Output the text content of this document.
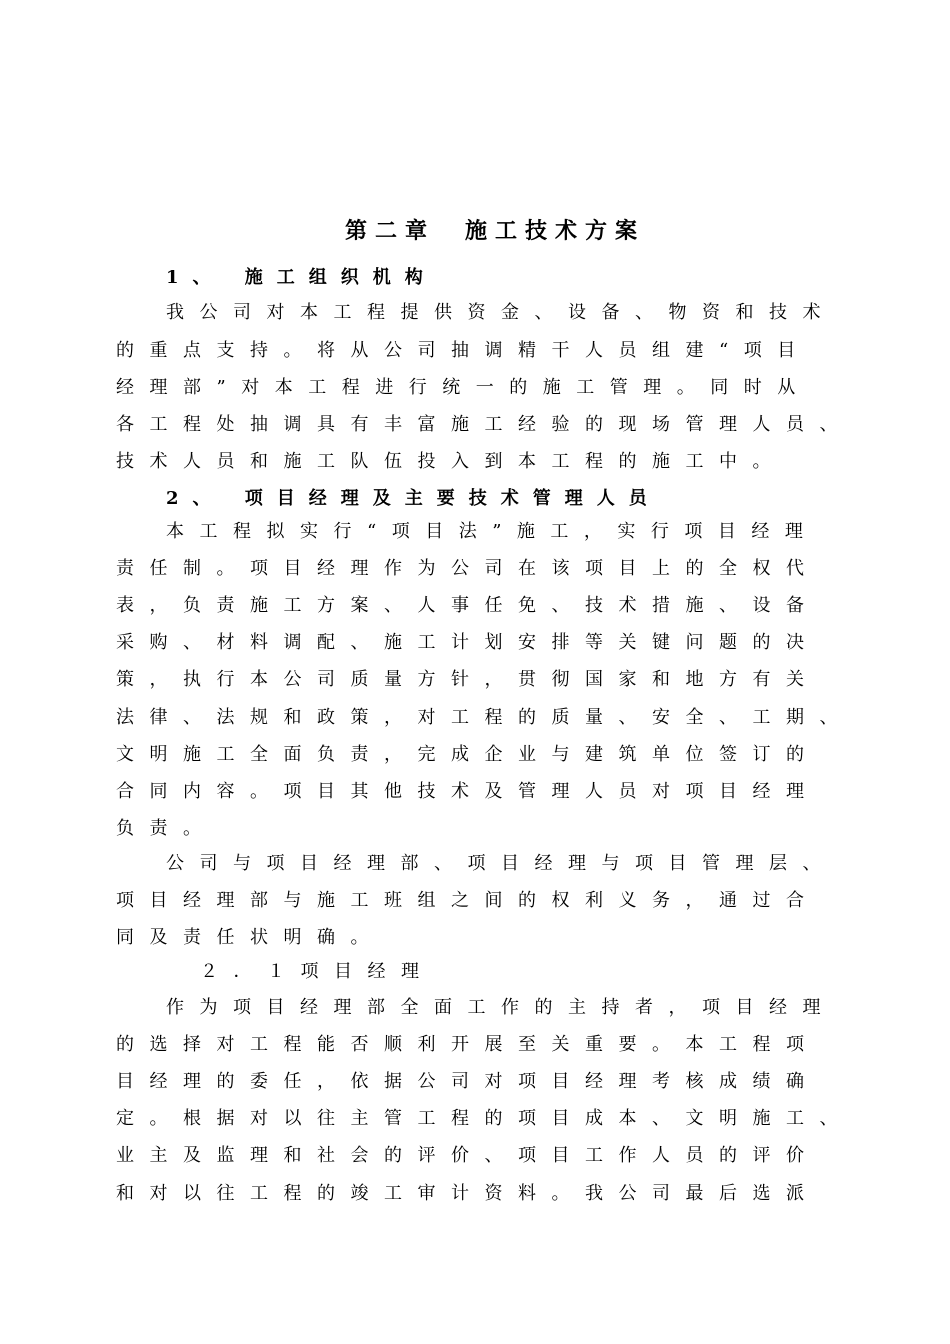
第二章　施工技术方案
1、 施工组织机构
我公司对本工程提供资金、设备、物资和技术
的重点支持。将从公司抽调精干人员组建“项目
经理部”对本工程进行统一的施工管理。同时从
各工程处抽调具有丰富施工经验的现场管理人员、
技术人员和施工队伍投入到本工程的施工中。
2、 项目经理及主要技术管理人员
本工程拟实行“项目法”施工，实行项目经理
责任制。项目经理作为公司在该项目上的全权代
表，负责施工方案、人事任免、技术措施、设备
采购、材料调配、施工计划安排等关键问题的决
策，执行本公司质量方针，贯彻国家和地方有关
法律、法规和政策，对工程的质量、安全、工期、
文明施工全面负责，完成企业与建筑单位签订的
合同内容。项目其他技术及管理人员对项目经理
负责。
公司与项目经理部、项目经理与项目管理层、
项目经理部与施工班组之间的权利义务，通过合
同及责任状明确。
２．１项目经理
作为项目经理部全面工作的主持者，项目经理
的选择对工程能否顺利开展至关重要。本工程项
目经理的委任，依据公司对项目经理考核成绩确
定。根据对以往主管工程的项目成本、文明施工、
业主及监理和社会的评价、项目工作人员的评价
和对以往工程的竣工审计资料。我公司最后选派
